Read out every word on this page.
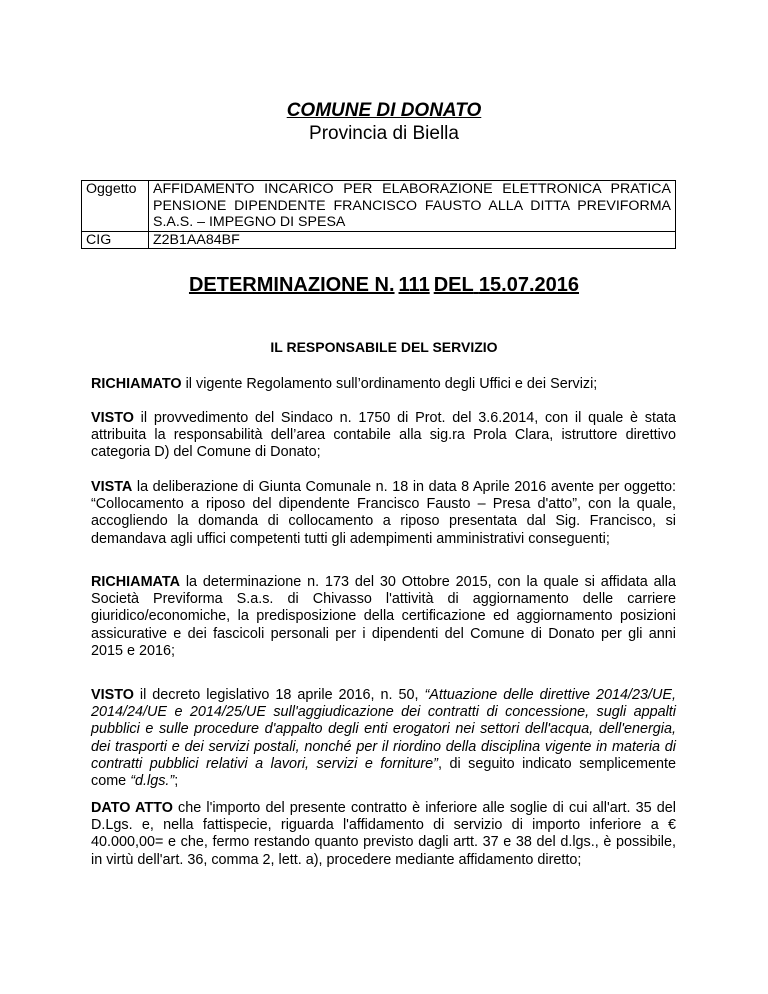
COMUNE DI DONATO
Provincia di Biella
Oggetto	AFFIDAMENTO INCARICO PER ELABORAZIONE ELETTRONICA PRATICA PENSIONE DIPENDENTE FRANCISCO FAUSTO ALLA DITTA PREVIFORMA S.A.S. – IMPEGNO DI SPESA
CIG	Z2B1AA84BF
DETERMINAZIONE N. 111 DEL 15.07.2016
IL RESPONSABILE DEL SERVIZIO
RICHIAMATO il vigente Regolamento sull’ordinamento degli Uffici e dei Servizi;
VISTO il provvedimento del Sindaco n. 1750 di Prot. del 3.6.2014, con il quale è stata attribuita la responsabilità dell’area contabile alla sig.ra Prola Clara, istruttore direttivo categoria D) del Comune di Donato;
VISTA la deliberazione di Giunta Comunale n. 18 in data 8 Aprile 2016 avente per oggetto: “Collocamento a riposo del dipendente Francisco Fausto – Presa d'atto”, con la quale, accogliendo la domanda di collocamento a riposo presentata dal Sig. Francisco, si demandava agli uffici competenti tutti gli adempimenti amministrativi conseguenti;
RICHIAMATA la determinazione n. 173 del 30 Ottobre 2015, con la quale si affidata alla Società Previforma S.a.s. di Chivasso l'attività di aggiornamento delle carriere giuridico/economiche, la predisposizione della certificazione ed aggiornamento posizioni assicurative e dei fascicoli personali per i dipendenti del Comune di Donato per gli anni 2015 e 2016;
VISTO il decreto legislativo 18 aprile 2016, n. 50, “Attuazione delle direttive 2014/23/UE, 2014/24/UE e 2014/25/UE sull'aggiudicazione dei contratti di concessione, sugli appalti pubblici e sulle procedure d'appalto degli enti erogatori nei settori dell'acqua, dell'energia, dei trasporti e dei servizi postali, nonché per il riordino della disciplina vigente in materia di contratti pubblici relativi a lavori, servizi e forniture”, di seguito indicato semplicemente come “d.lgs.”;
DATO ATTO che l'importo del presente contratto è inferiore alle soglie di cui all'art. 35 del D.Lgs. e, nella fattispecie, riguarda l'affidamento di servizio di importo inferiore a € 40.000,00= e che, fermo restando quanto previsto dagli artt. 37 e 38 del d.lgs., è possibile, in virtù dell'art. 36, comma 2, lett. a), procedere mediante affidamento diretto;
